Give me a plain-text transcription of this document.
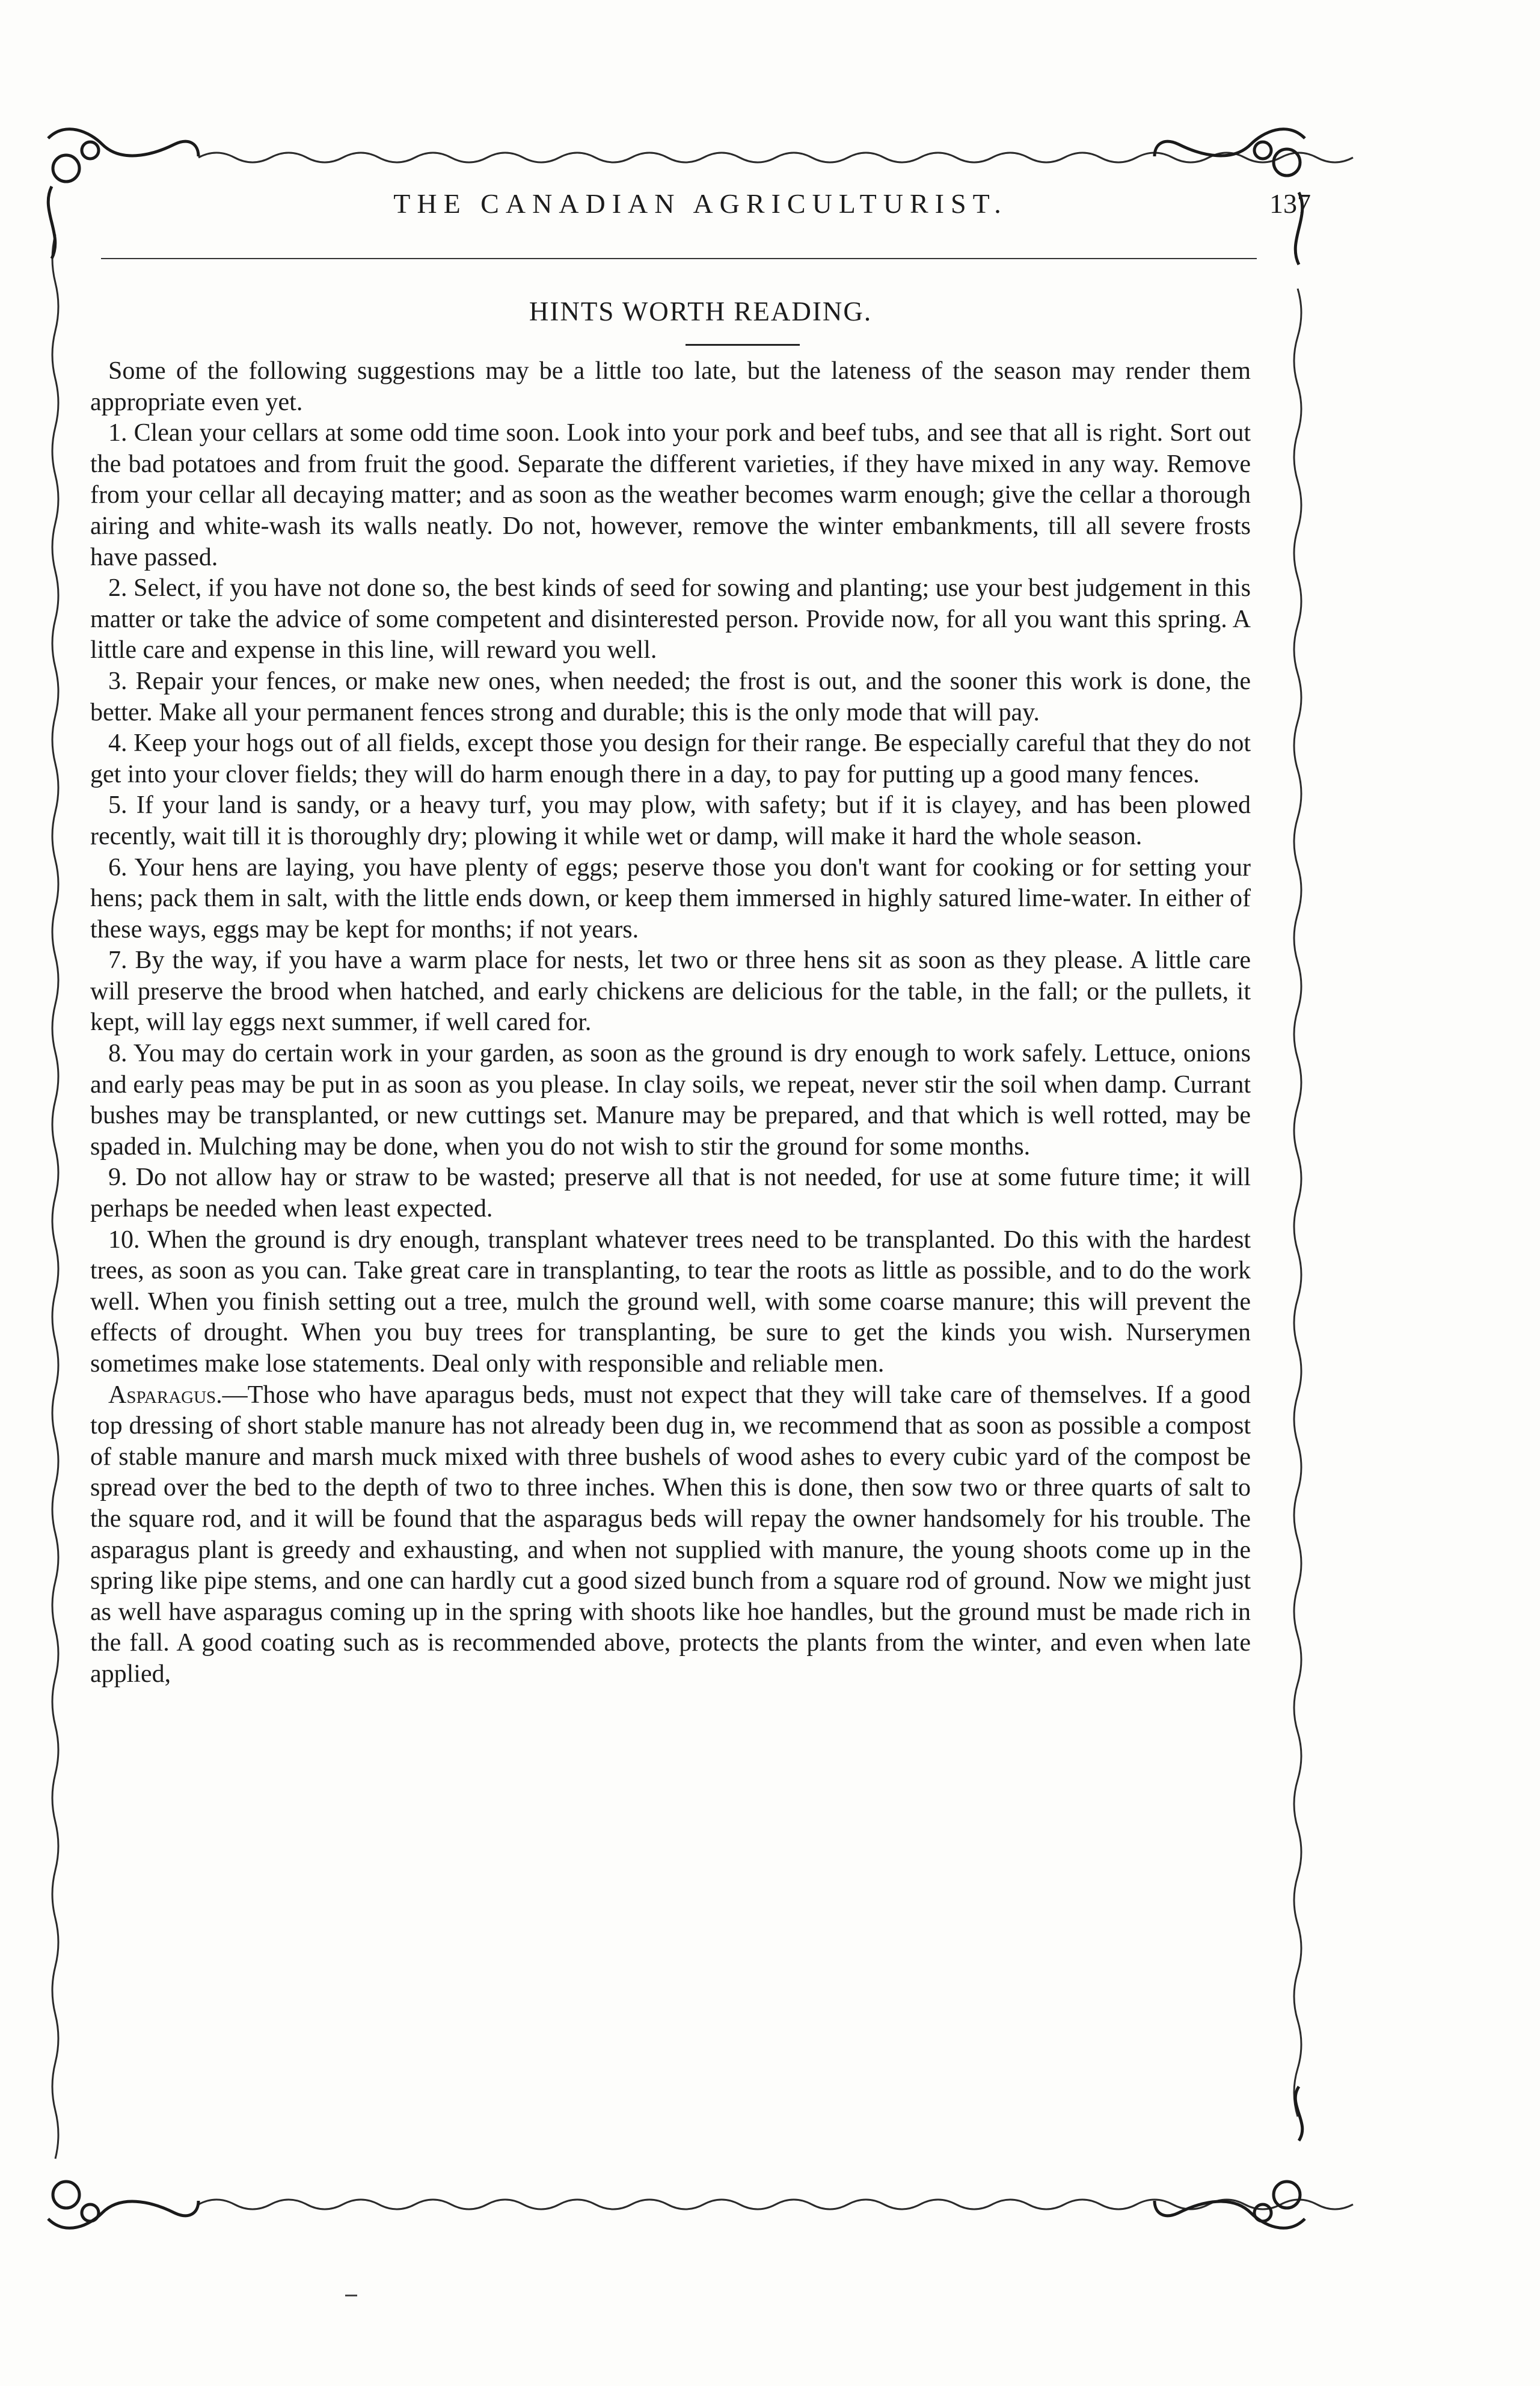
THE CANADIAN AGRICULTURIST.	137
HINTS WORTH READING.

Some of the following suggestions may be a little too late, but the lateness of the season may render them appropriate even yet.

1. Clean your cellars at some odd time soon. Look into your pork and beef tubs, and see that all is right. Sort out the bad potatoes and from fruit the good. Separate the different varieties, if they have mixed in any way. Remove from your cellar all decaying matter; and as soon as the weather becomes warm enough; give the cellar a thorough airing and white-wash its walls neatly. Do not, however, remove the winter embankments, till all severe frosts have passed.

2. Select, if you have not done so, the best kinds of seed for sowing and planting; use your best judgement in this matter or take the advice of some competent and disinterested person. Provide now, for all you want this spring. A little care and expense in this line, will reward you well.

3. Repair your fences, or make new ones, when needed; the frost is out, and the sooner this work is done, the better. Make all your permanent fences strong and durable; this is the only mode that will pay.

4. Keep your hogs out of all fields, except those you design for their range. Be especially careful that they do not get into your clover fields; they will do harm enough there in a day, to pay for putting up a good many fences.

5. If your land is sandy, or a heavy turf, you may plow, with safety; but if it is clayey, and has been plowed recently, wait till it is thoroughly dry; plowing it while wet or damp, will make it hard the whole season.

6. Your hens are laying, you have plenty of eggs; peserve those you don't want for cooking or for setting your hens; pack them in salt, with the little ends down, or keep them immersed in highly satured lime-water. In either of these ways, eggs may be kept for months; if not years.

7. By the way, if you have a warm place for nests, let two or three hens sit as soon as they please. A little care will preserve the brood when hatched, and early chickens are delicious for the table, in the fall; or the pullets, it kept, will lay eggs next summer, if well cared for.

8. You may do certain work in your garden, as soon as the ground is dry enough to work safely. Lettuce, onions and early peas may be put in as soon as you please. In clay soils, we repeat, never stir the soil when damp. Currant bushes may be transplanted, or new cuttings set. Manure may be prepared, and that which is well rotted, may be spaded in. Mulching may be done, when you do not wish to stir the ground for some months.

9. Do not allow hay or straw to be wasted; preserve all that is not needed, for use at some future time; it will perhaps be needed when least expected.

10. When the ground is dry enough, transplant whatever trees need to be transplanted. Do this with the hardest trees, as soon as you can. Take great care in transplanting, to tear the roots as little as possible, and to do the work well. When you finish setting out a tree, mulch the ground well, with some coarse manure; this will prevent the effects of drought. When you buy trees for transplanting, be sure to get the kinds you wish. Nurserymen sometimes make lose statements. Deal only with responsible and reliable men.

Asparagus.—Those who have aparagus beds, must not expect that they will take care of themselves. If a good top dressing of short stable manure has not already been dug in, we recommend that as soon as possible a compost of stable manure and marsh muck mixed with three bushels of wood ashes to every cubic yard of the compost be spread over the bed to the depth of two to three inches. When this is done, then sow two or three quarts of salt to the square rod, and it will be found that the asparagus beds will repay the owner handsomely for his trouble. The asparagus plant is greedy and exhausting, and when not supplied with manure, the young shoots come up in the spring like pipe stems, and one can hardly cut a good sized bunch from a square rod of ground. Now we might just as well have asparagus coming up in the spring with shoots like hoe handles, but the ground must be made rich in the fall. A good coating such as is recommended above, protects the plants from the winter, and even when late applied,
